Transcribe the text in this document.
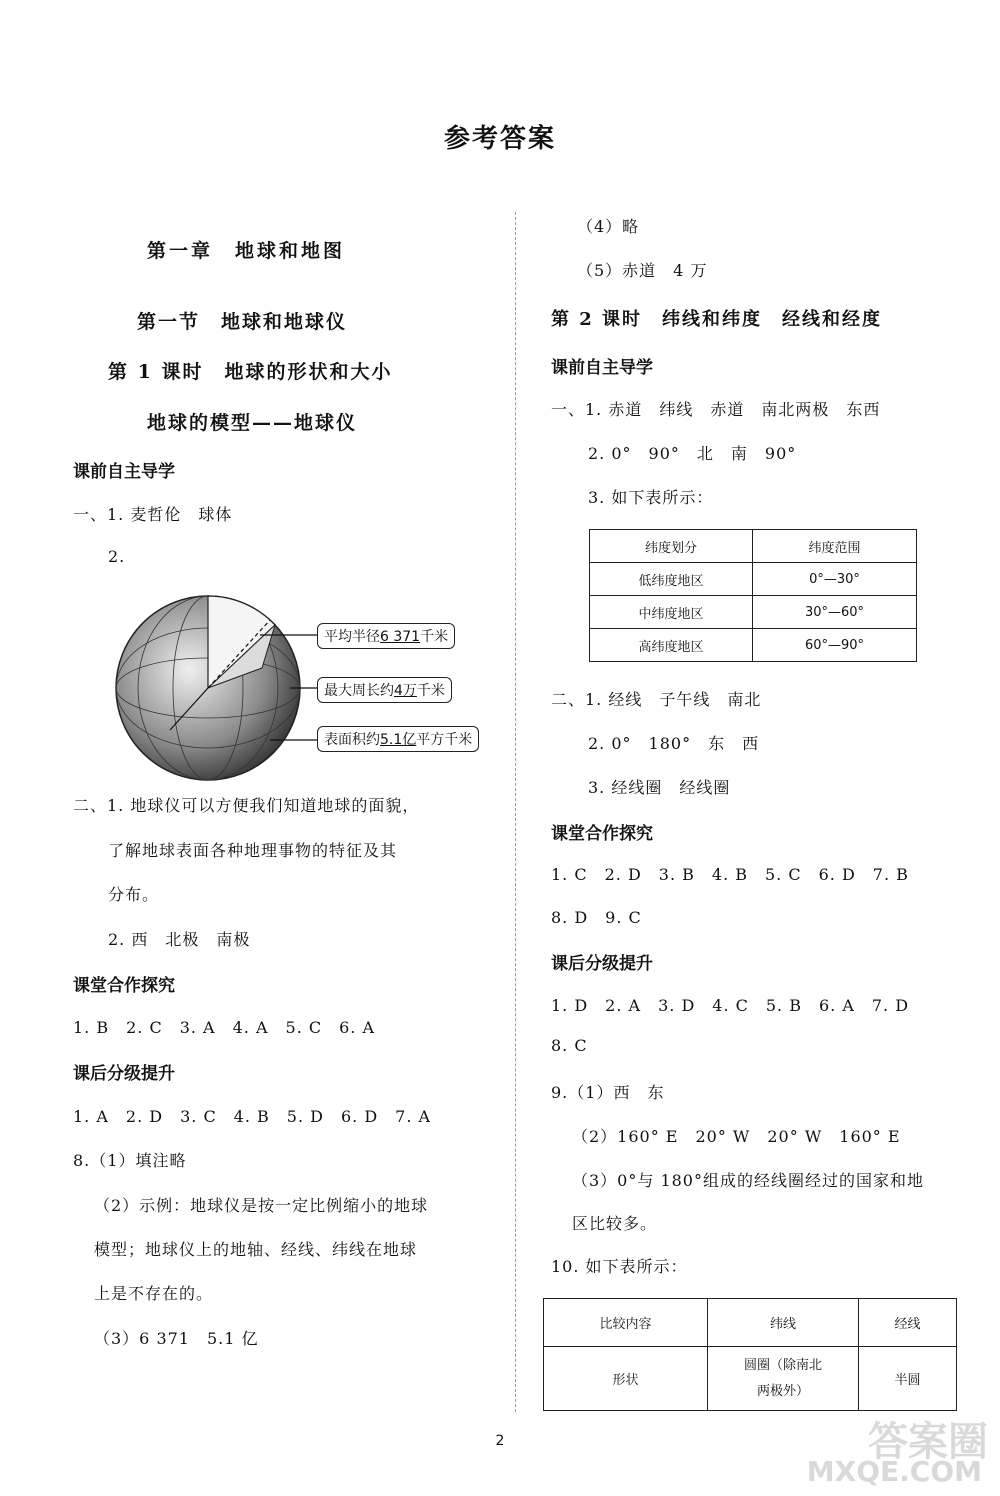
参考答案
第一章　地球和地图
第一节　地球和地球仪
第 1 课时　地球的形状和大小
地球的模型——地球仪
课前自主导学
一、1. 麦哲伦　球体
2.
平均半径6 371千米
最大周长约4万千米
表面积约5.1亿平方千米
二、1. 地球仪可以方便我们知道地球的面貌，
了解地球表面各种地理事物的特征及其
分布。
2. 西　北极　南极
课堂合作探究
1. B　2. C　3. A　4. A　5. C　6. A
课后分级提升
1. A　2. D　3. C　4. B　5. D　6. D　7. A
8.（1）填注略
（2）示例：地球仪是按一定比例缩小的地球
模型；地球仪上的地轴、经线、纬线在地球
上是不存在的。
（3）6 371　5.1 亿
（4）略
（5）赤道　4 万
第 2 课时　纬线和纬度　经线和经度
课前自主导学
一、1. 赤道　纬线　赤道　南北两极　东西
2. 0°　90°　北　南　90°
3. 如下表所示：
纬度划分	纬度范围
低纬度地区	0°—30°
中纬度地区	30°—60°
高纬度地区	60°—90°
二、1. 经线　子午线　南北
2. 0°　180°　东　西
3. 经线圈　经线圈
课堂合作探究
1. C　2. D　3. B　4. B　5. C　6. D　7. B
8. D　9. C
课后分级提升
1. D　2. A　3. D　4. C　5. B　6. A　7. D
8. C
9.（1）西　东
（2）160° E　20° W　20° W　160° E
（3）0°与 180°组成的经线圈经过的国家和地
区比较多。
10. 如下表所示：
比较内容	纬线	经线
形状	圆圈（除南北
两极外）	半圆
2	答案圈
MXQE.COM
